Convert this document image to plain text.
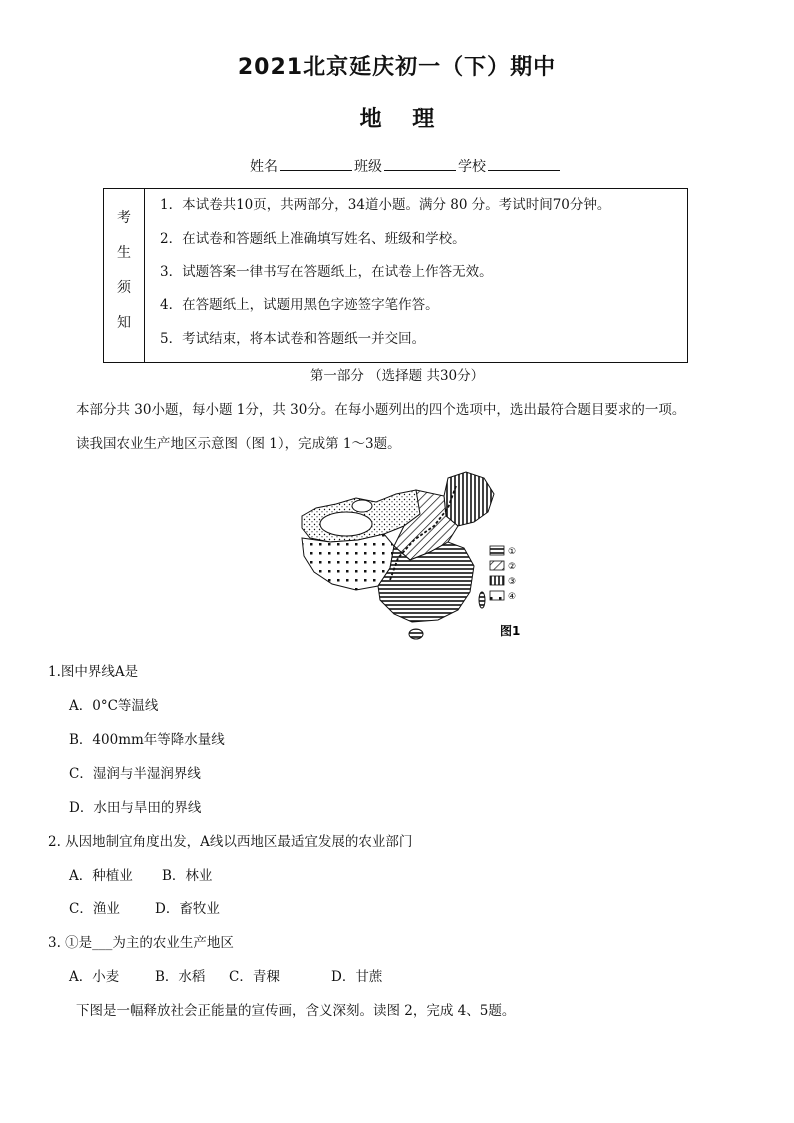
2021北京延庆初一（下）期中
地    理
姓名	班级	学校
考
生
须
知
1．本试卷共10页，共两部分，34道小题。满分 80 分。考试时间70分钟。
2．在试卷和答题纸上准确填写姓名、班级和学校。
3．试题答案一律书写在答题纸上，在试卷上作答无效。
4．在答题纸上，试题用黑色字迹签字笔作答。
5．考试结束，将本试卷和答题纸一并交回。
第一部分 （选择题 共30分）
本部分共 30小题，每小题 1分，共 30分。在每小题列出的四个选项中，选出最符合题目要求的一项。
读我国农业生产地区示意图（图 1），完成第 1～3题。
①
②
③
④
图1
1.图中界线A是
A．0°C等温线
B．400mm年等降水量线
C．湿润与半湿润界线
D．水田与旱田的界线
2. 从因地制宜角度出发，A线以西地区最适宜发展的农业部门
A．种植业 B．林业
C．渔业	D．畜牧业
3. ①是___为主的农业生产地区
A．小麦	B．水稻 C．青稞	D．甘蔗
下图是一幅释放社会正能量的宣传画，含义深刻。读图 2，完成 4、5题。
